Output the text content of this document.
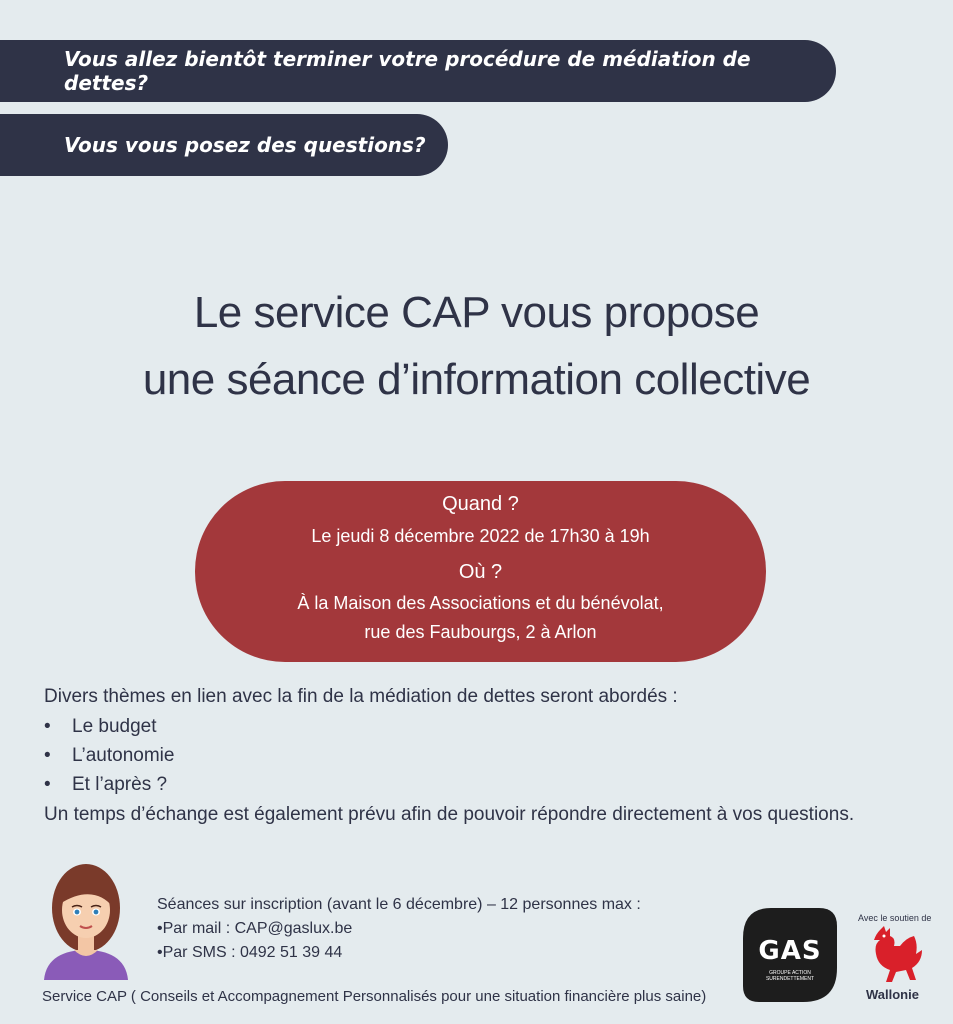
Vous allez bientôt terminer votre procédure de médiation de dettes?
Vous vous posez des questions?
Le service CAP vous propose
une séance d’information collective
Quand ?
Le jeudi 8 décembre 2022 de 17h30 à 19h
Où ?
À la Maison des Associations et du bénévolat,
rue des Faubourgs, 2 à Arlon
Divers thèmes en lien avec la fin de la médiation de dettes seront abordés :
• Le budget
• L’autonomie
• Et l’après ?
Un temps d’échange est également prévu afin de pouvoir répondre directement à vos questions.
Séances sur inscription (avant le 6 décembre) – 12 personnes max :
•Par mail : CAP@gaslux.be
•Par SMS : 0492 51 39 44
Service CAP ( Conseils et Accompagnement Personnalisés pour une situation financière plus saine)
GAS
GROUPE ACTION
SURENDETTEMENT
Avec le soutien de
Wallonie
